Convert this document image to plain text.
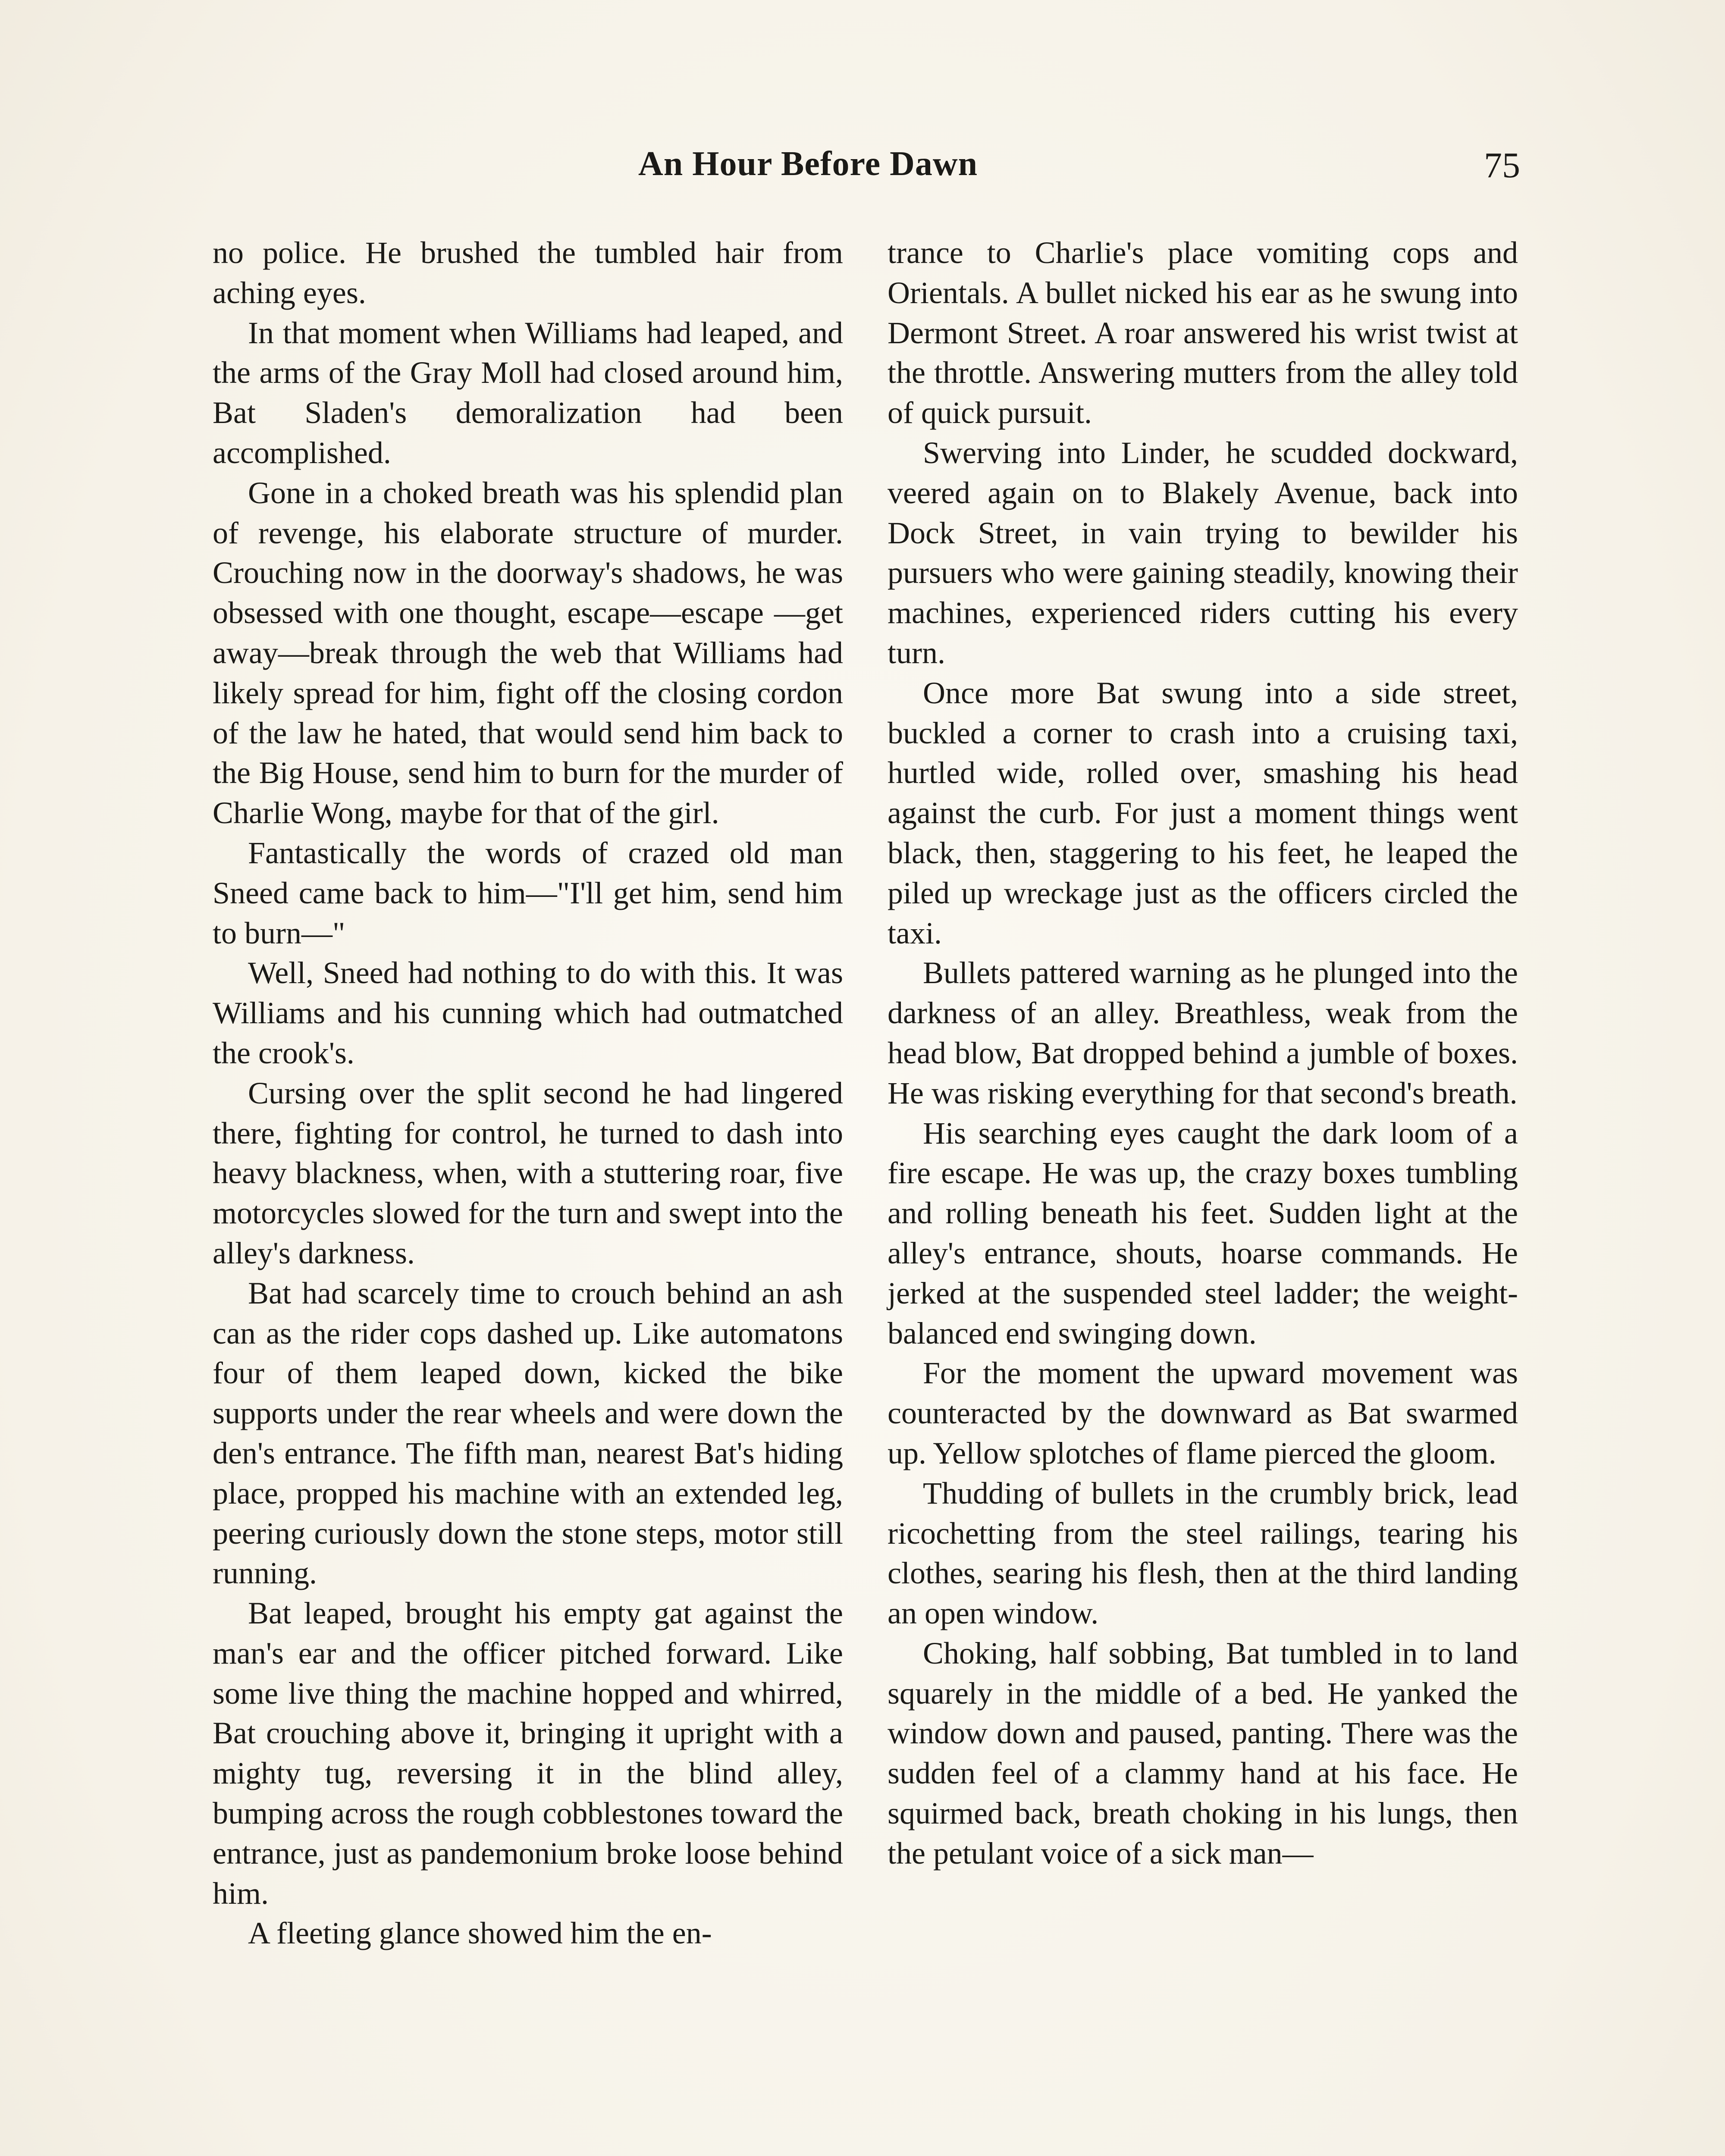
An Hour Before Dawn	75

no police. He brushed the tumbled hair from aching eyes.

In that moment when Williams had leaped, and the arms of the Gray Moll had closed around him, Bat Sladen's demoralization had been accomplished.

Gone in a choked breath was his splendid plan of revenge, his elaborate structure of murder. Crouching now in the doorway's shadows, he was obsessed with one thought, escape—escape —get away—break through the web that Williams had likely spread for him, fight off the closing cordon of the law he hated, that would send him back to the Big House, send him to burn for the murder of Charlie Wong, maybe for that of the girl.

Fantastically the words of crazed old man Sneed came back to him—"I'll get him, send him to burn—"

Well, Sneed had nothing to do with this. It was Williams and his cunning which had outmatched the crook's.

Cursing over the split second he had lingered there, fighting for control, he turned to dash into heavy blackness, when, with a stuttering roar, five motorcycles slowed for the turn and swept into the alley's darkness.

Bat had scarcely time to crouch behind an ash can as the rider cops dashed up. Like automatons four of them leaped down, kicked the bike supports under the rear wheels and were down the den's entrance. The fifth man, nearest Bat's hiding place, propped his machine with an extended leg, peering curiously down the stone steps, motor still running.

Bat leaped, brought his empty gat against the man's ear and the officer pitched forward. Like some live thing the machine hopped and whirred, Bat crouching above it, bringing it upright with a mighty tug, reversing it in the blind alley, bumping across the rough cobblestones toward the entrance, just as pandemonium broke loose behind him.

A fleeting glance showed him the en-

trance to Charlie's place vomiting cops and Orientals. A bullet nicked his ear as he swung into Dermont Street. A roar answered his wrist twist at the throttle. Answering mutters from the alley told of quick pursuit.

Swerving into Linder, he scudded dockward, veered again on to Blakely Avenue, back into Dock Street, in vain trying to bewilder his pursuers who were gaining steadily, knowing their machines, experienced riders cutting his every turn.

Once more Bat swung into a side street, buckled a corner to crash into a cruising taxi, hurtled wide, rolled over, smashing his head against the curb. For just a moment things went black, then, staggering to his feet, he leaped the piled up wreckage just as the officers circled the taxi.

Bullets pattered warning as he plunged into the darkness of an alley. Breathless, weak from the head blow, Bat dropped behind a jumble of boxes. He was risking everything for that second's breath.

His searching eyes caught the dark loom of a fire escape. He was up, the crazy boxes tumbling and rolling beneath his feet. Sudden light at the alley's entrance, shouts, hoarse commands. He jerked at the suspended steel ladder; the weight-balanced end swinging down.

For the moment the upward movement was counteracted by the downward as Bat swarmed up. Yellow splotches of flame pierced the gloom.

Thudding of bullets in the crumbly brick, lead ricochetting from the steel railings, tearing his clothes, searing his flesh, then at the third landing an open window.

Choking, half sobbing, Bat tumbled in to land squarely in the middle of a bed. He yanked the window down and paused, panting. There was the sudden feel of a clammy hand at his face. He squirmed back, breath choking in his lungs, then the petulant voice of a sick man—
